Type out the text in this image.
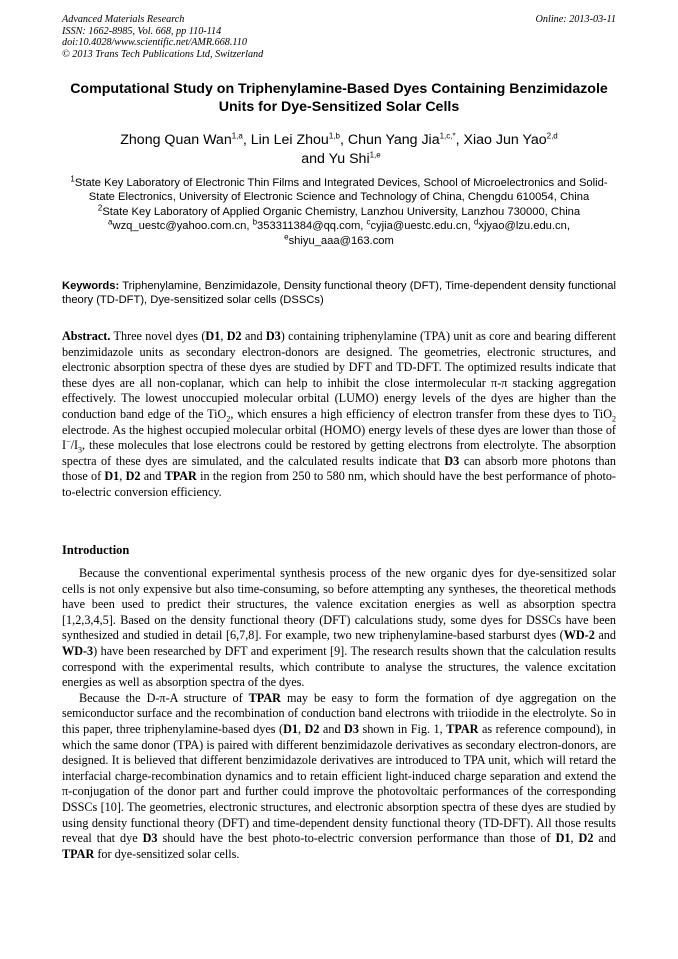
Advanced Materials Research
ISSN: 1662-8985, Vol. 668, pp 110-114
doi:10.4028/www.scientific.net/AMR.668.110
© 2013 Trans Tech Publications Ltd, Switzerland
Online: 2013-03-11
Computational Study on Triphenylamine-Based Dyes Containing Benzimidazole Units for Dye-Sensitized Solar Cells
Zhong Quan Wan$^{1,a}$, Lin Lei Zhou$^{1,b}$, Chun Yang Jia$^{1,c,*}$, Xiao Jun Yao$^{2,d}$
and Yu Shi$^{1,e}$

$^1$State Key Laboratory of Electronic Thin Films and Integrated Devices, School of Microelectronics and Solid-State Electronics, University of Electronic Science and Technology of China, Chengdu 610054, China

$^2$State Key Laboratory of Applied Organic Chemistry, Lanzhou University, Lanzhou 730000, China

$^a$wzq_uestc@yahoo.com.cn, $^b$353311384@qq.com, $^c$cyjia@uestc.edu.cn, $^d$xjyao@lzu.edu.cn,
$^e$shiyu_aaa@163.com

Keywords: Triphenylamine, Benzimidazole, Density functional theory (DFT), Time-dependent density functional theory (TD-DFT), Dye-sensitized solar cells (DSSCs)

Abstract. Three novel dyes (D1, D2 and D3) containing triphenylamine (TPA) unit as core and bearing different benzimidazole units as secondary electron-donors are designed. The geometries, electronic structures, and electronic absorption spectra of these dyes are studied by DFT and TD-DFT. The optimized results indicate that these dyes are all non-coplanar, which can help to inhibit the close intermolecular π-π stacking aggregation effectively. The lowest unoccupied molecular orbital (LUMO) energy levels of the dyes are higher than the conduction band edge of the TiO$_2$, which ensures a high efficiency of electron transfer from these dyes to TiO$_2$ electrode. As the highest occupied molecular orbital (HOMO) energy levels of these dyes are lower than those of $I^-/I_3$, these molecules that lose electrons could be restored by getting electrons from electrolyte. The absorption spectra of these dyes are simulated, and the calculated results indicate that D3 can absorb more photons than those of D1, D2 and TPAR in the region from 250 to 580 nm, which should have the best performance of photo-to-electric conversion efficiency.

Introduction

Because the conventional experimental synthesis process of the new organic dyes for dye-sensitized solar cells is not only expensive but also time-consuming, so before attempting any syntheses, the theoretical methods have been used to predict their structures, the valence excitation energies as well as absorption spectra [1,2,3,4,5]. Based on the density functional theory (DFT) calculations study, some dyes for DSSCs have been synthesized and studied in detail [6,7,8]. For example, two new triphenylamine-based starburst dyes (WD-2 and WD-3) have been researched by DFT and experiment [9]. The research results shown that the calculation results correspond with the experimental results, which contribute to analyse the structures, the valence excitation energies as well as absorption spectra of the dyes.

Because the D-π-A structure of TPAR may be easy to form the formation of dye aggregation on the semiconductor surface and the recombination of conduction band electrons with triiodide in the electrolyte. So in this paper, three triphenylamine-based dyes (D1, D2 and D3 shown in Fig. 1, TPAR as reference compound), in which the same donor (TPA) is paired with different benzimidazole derivatives as secondary electron-donors, are designed. It is believed that different benzimidazole derivatives are introduced to TPA unit, which will retard the interfacial charge-recombination dynamics and to retain efficient light-induced charge separation and extend the π-conjugation of the donor part and further could improve the photovoltaic performances of the corresponding DSSCs [10]. The geometries, electronic structures, and electronic absorption spectra of these dyes are studied by using density functional theory (DFT) and time-dependent density functional theory (TD-DFT). All those results reveal that dye D3 should have the best photo-to-electric conversion performance than those of D1, D2 and TPAR for dye-sensitized solar cells.
